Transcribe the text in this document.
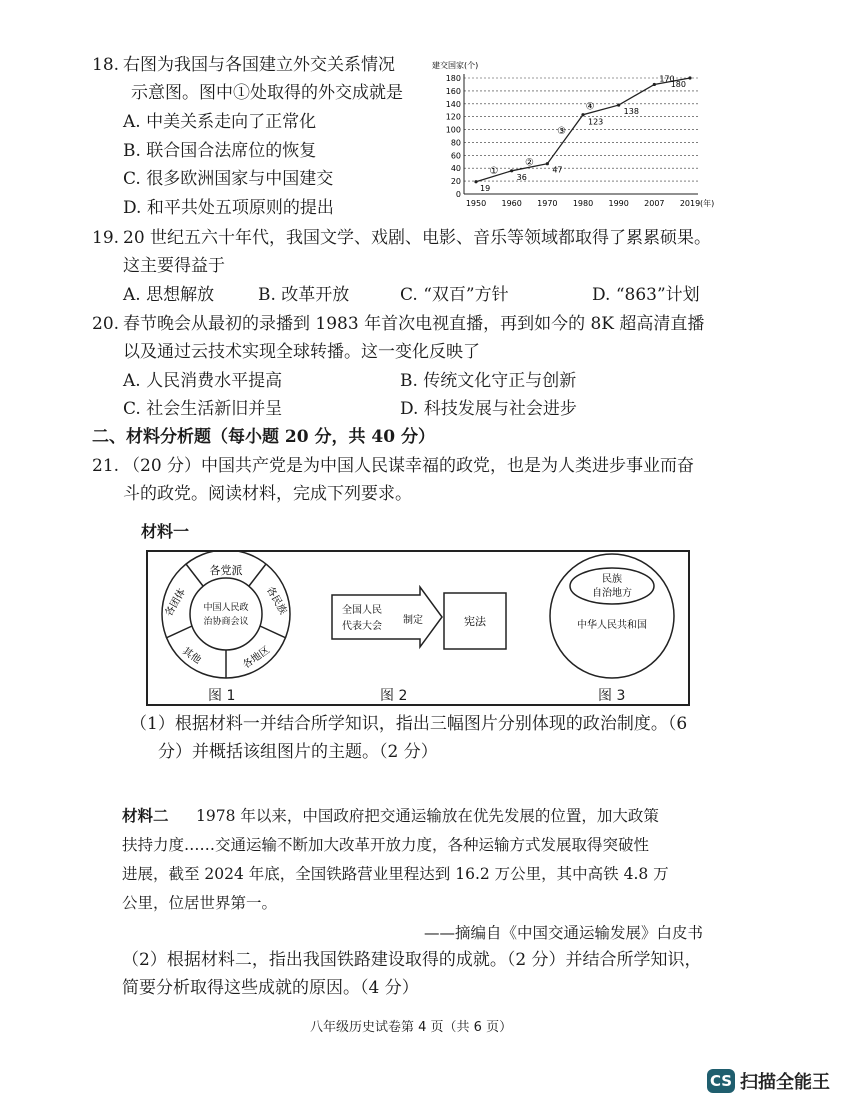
18. 右图为我国与各国建立外交关系情况
示意图。图中①处取得的外交成就是
A. 中美关系走向了正常化
B. 联合国合法席位的恢复
C. 很多欧洲国家与中国建交
D. 和平共处五项原则的提出
建交国家(个)
0
20
40
60
80
100
120
140
160
180
1950 1960 1970 1980 1990 2007 2019 (年)
19
36
47
123
138
170
180
①
②
③
④
19. 20 世纪五六十年代，我国文学、戏剧、电影、音乐等领域都取得了累累硕果。
这主要得益于
A. 思想解放	B. 改革开放	C. “双百”方针	D. “863”计划
20. 春节晚会从最初的录播到 1983 年首次电视直播，再到如今的 8K 超高清直播
以及通过云技术实现全球转播。这一变化反映了
A. 人民消费水平提高	B. 传统文化守正与创新
C. 社会生活新旧并呈	D. 科技发展与社会进步
二、材料分析题（每小题 20 分，共 40 分）
21. （20 分）中国共产党是为中国人民谋幸福的政党，也是为人类进步事业而奋
斗的政党。阅读材料，完成下列要求。
材料一
中国人民政
治协商会议
各党派
各民族
各地区
其他
各团体
图 1
全国人民
代表大会
制定	宪法
图 2
民族
自治地方
中华人民共和国
图 3
（1）根据材料一并结合所学知识，指出三幅图片分别体现的政治制度。（6
分）并概括该组图片的主题。（2 分）
材料二 1978 年以来，中国政府把交通运输放在优先发展的位置，加大政策
扶持力度……交通运输不断加大改革开放力度，各种运输方式发展取得突破性
进展，截至 2024 年底，全国铁路营业里程达到 16.2 万公里，其中高铁 4.8 万
公里，位居世界第一。
——摘编自《中国交通运输发展》白皮书
（2）根据材料二，指出我国铁路建设取得的成就。（2 分）并结合所学知识，
简要分析取得这些成就的原因。（4 分）
八年级历史试卷第 4 页（共 6 页）
CS 扫描全能王
